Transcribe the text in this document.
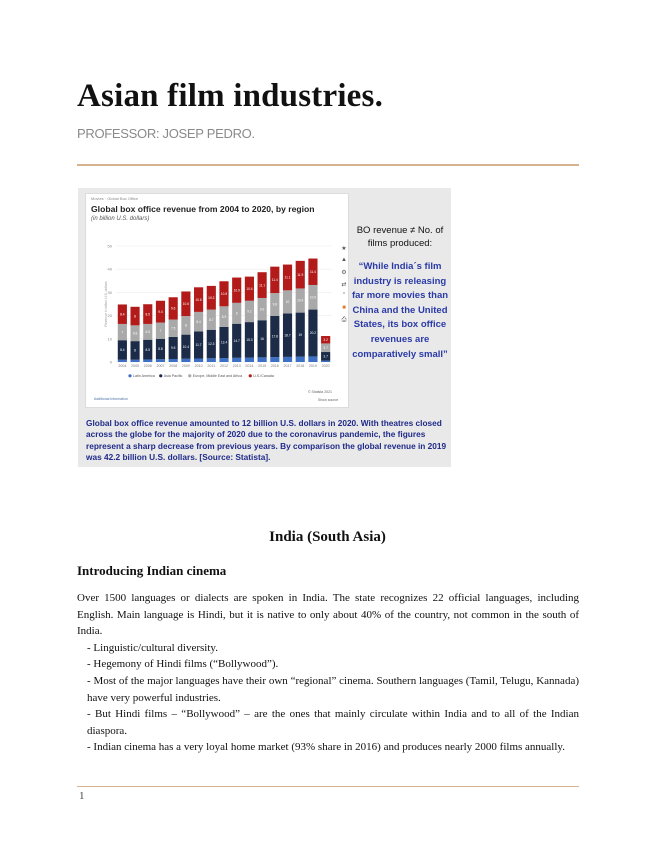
Asian film industries.
PROFESSOR: JOSEP PEDRO.
Movies · Global Box Office
Global box office revenue from 2004 to 2020, by region
(in billion U.S. dollars)
0
10
20
30
40
50
Revenue in billion U.S. dollars
8.4
7
8.4
2004
8
6.8
8
2005
8.5
6.8
8.5
2006
8.8
7
9.4
2007
9.5
7.5
9.6
2008
10.4
8
10.6
2009
11.7
8.4
10.6
2010
12.3
8.7
10.2
2011
13.4
8.9
10.8
2012
14.7
9
10.9
2013
15.3
9.2
10.4
2014
16
9.6
11.1
2015
17.8
9.8
11.4
2016
18.7
10
11.1
2017
19
10.4
11.9
2018
20.2
10.6
11.4
2019
3.7
3.7
3.2
2020
Latin America Asia Pacific	Europe, Middle East and Africa	U.S./Canada
★
▲
⚙
⇄
”
■
⎙
Additional Information
© Statista 2021
Show source
BO revenue ≠ No. of films produced:
“While India´s film industry is releasing far more movies than China and the United States, its box office revenues are comparatively small”
Global box office revenue amounted to 12 billion U.S. dollars in 2020. With theatres closed across the globe for the majority of 2020 due to the coronavirus pandemic, the figures represent a sharp decrease from previous years. By comparison the global revenue in 2019 was 42.2 billion U.S. dollars. [Source: Statista].
India (South Asia)
Introducing Indian cinema

Over 1500 languages or dialects are spoken in India. The state recognizes 22 official languages, including English. Main language is Hindi, but it is native to only about 40% of the country, not common in the south of India.

- Linguistic/cultural diversity.

- Hegemony of Hindi films (“Bollywood”).

- Most of the major languages have their own “regional” cinema. Southern languages (Tamil, Telugu, Kannada) have very powerful industries.

- But Hindi films – “Bollywood” – are the ones that mainly circulate within India and to all of the Indian diaspora.

- Indian cinema has a very loyal home market (93% share in 2016) and produces nearly 2000 films annually.

1
